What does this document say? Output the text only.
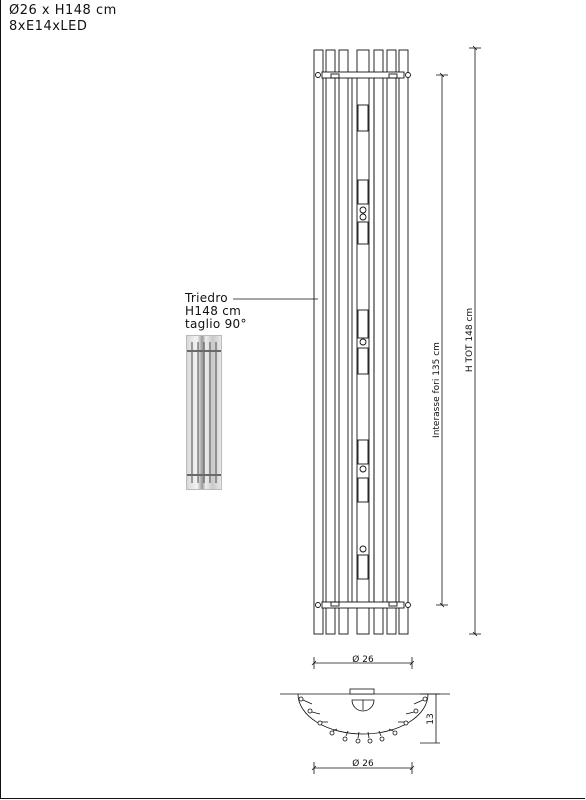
Ø26 x H148 cm
8xE14xLED
Triedro
H148 cm
taglio 90°
Interasse fori 135 cm
H TOT 148 cm
Ø 26
13
Ø 26
